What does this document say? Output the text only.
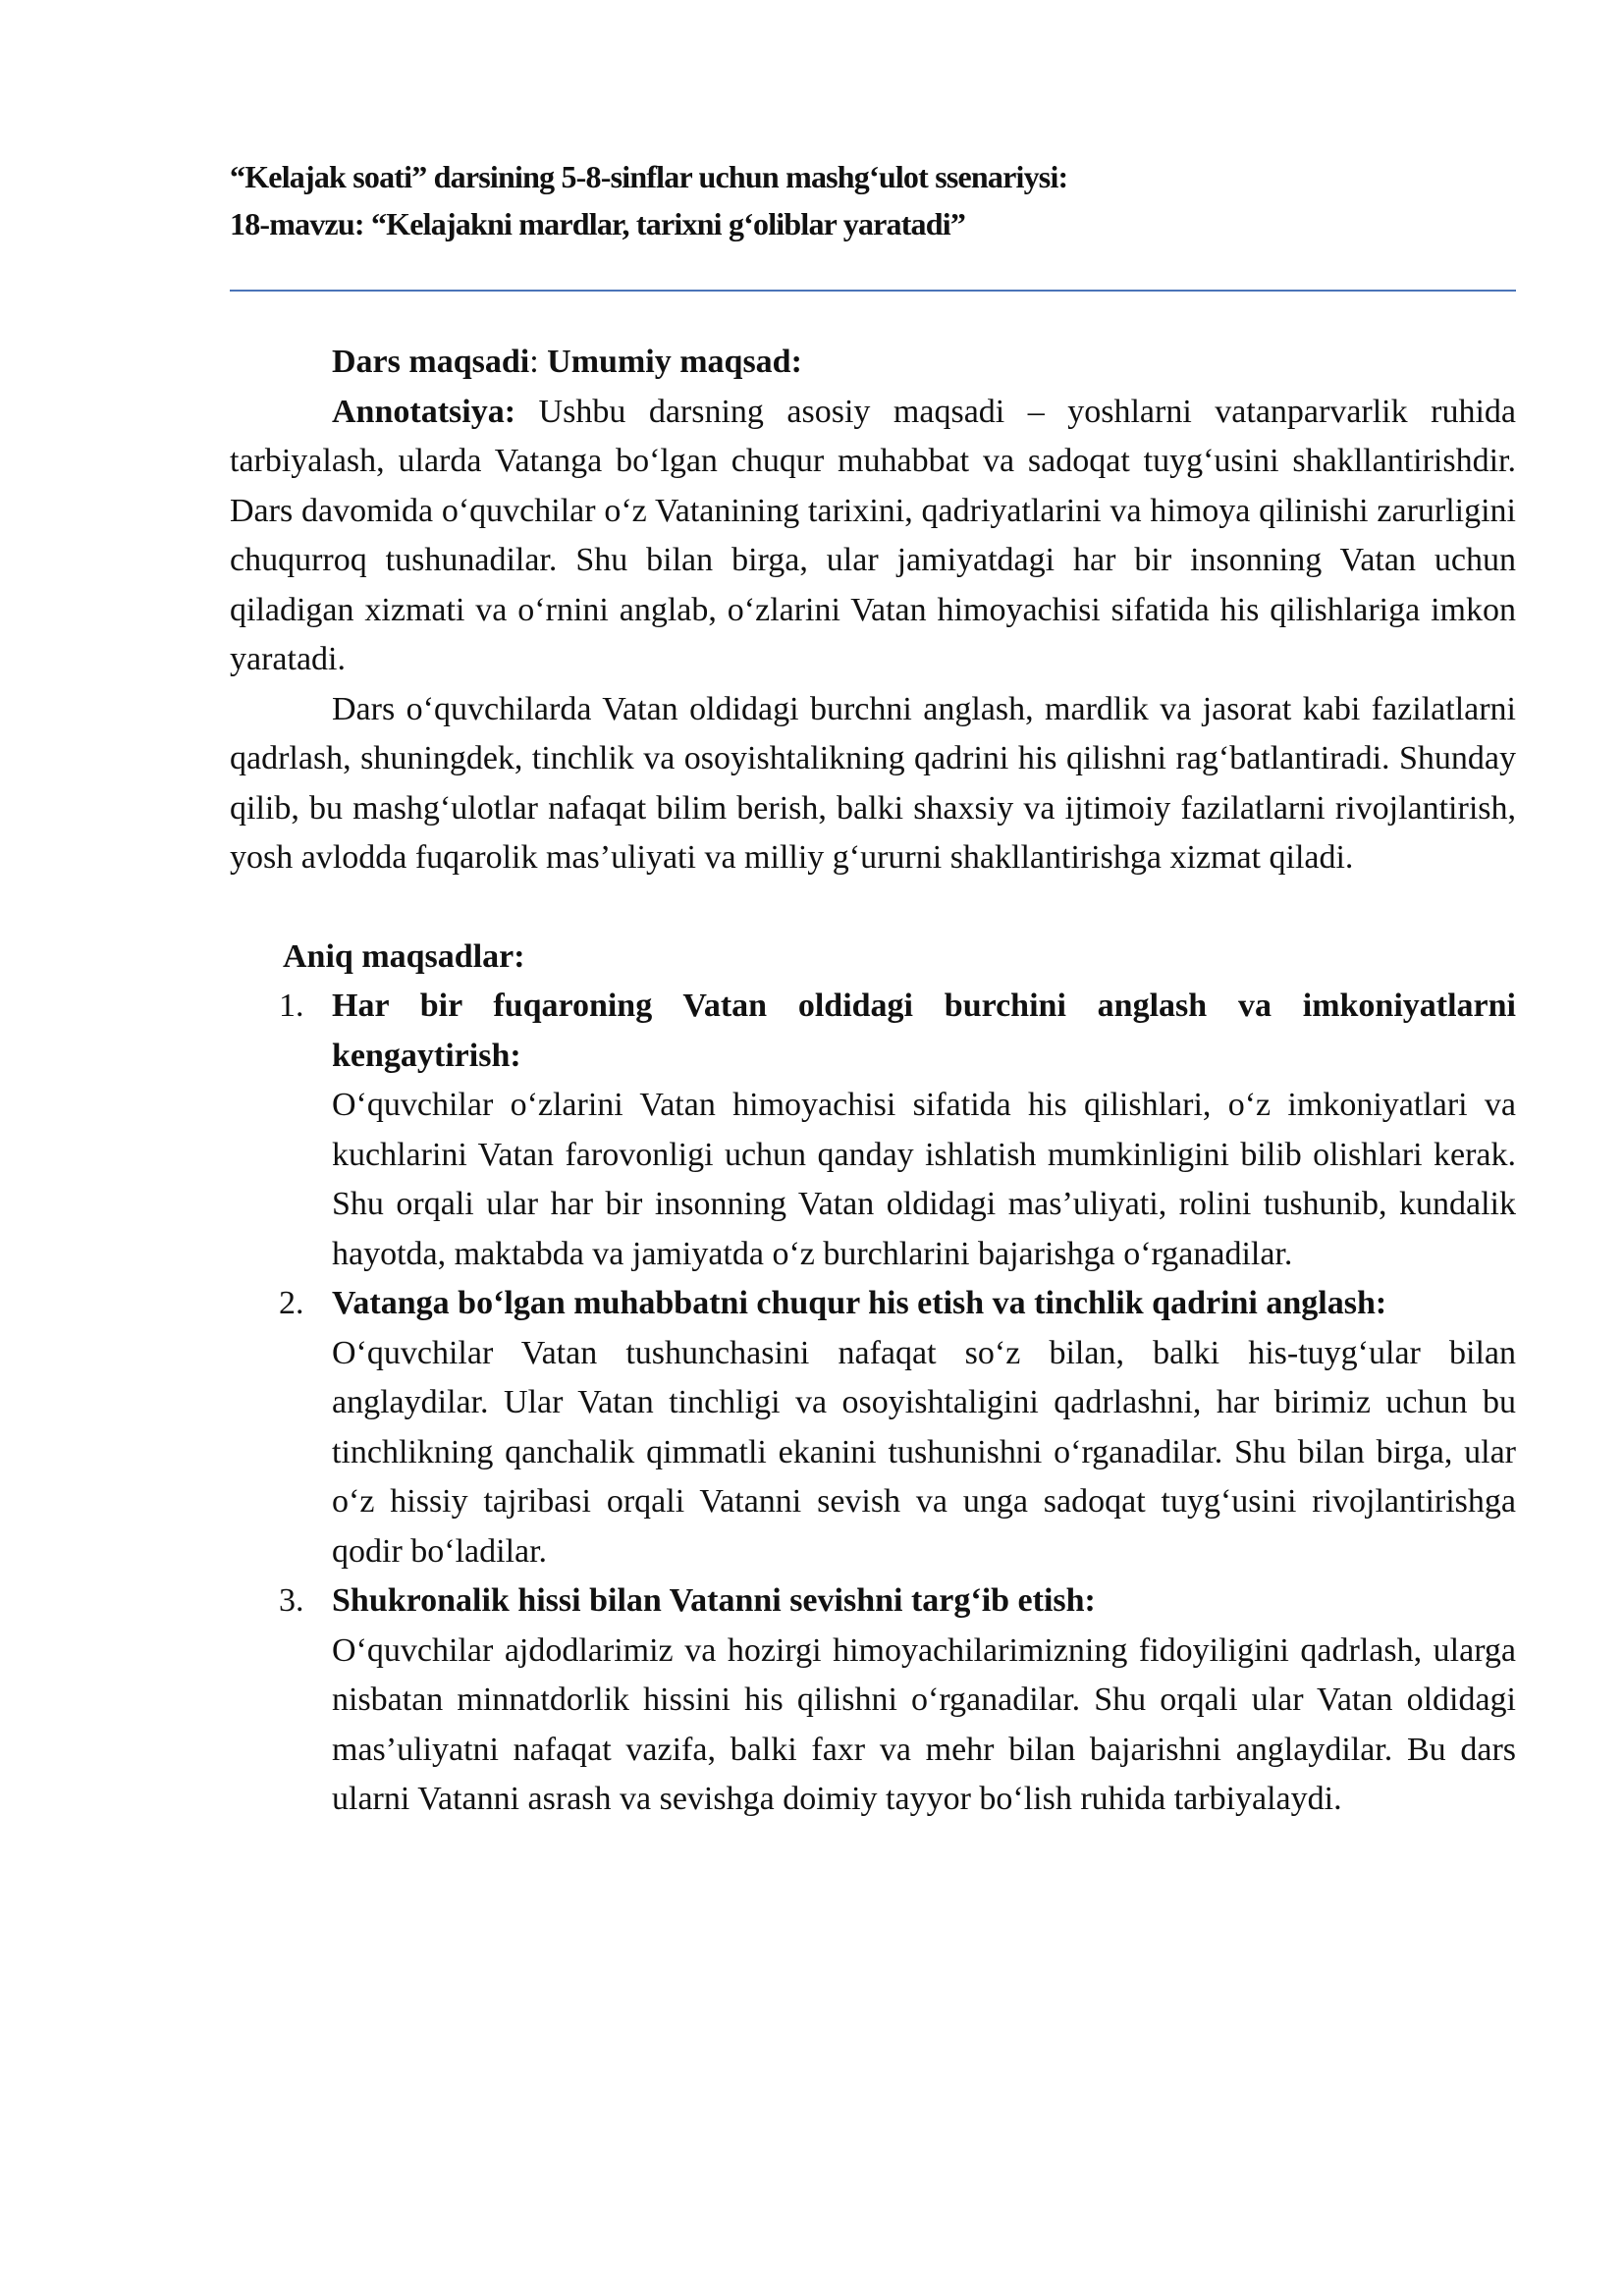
“Kelajak soati” darsining 5-8-sinflar uchun mashg‘ulot ssenariysi:
18-mavzu: “Kelajakni mardlar, tarixni g‘oliblar yaratadi”

Dars maqsadi: Umumiy maqsad:

Annotatsiya: Ushbu darsning asosiy maqsadi – yoshlarni vatanparvarlik ruhida tarbiyalash, ularda Vatanga bo‘lgan chuqur muhabbat va sadoqat tuyg‘usini shakllantirishdir. Dars davomida o‘quvchilar o‘z Vatanining tarixini, qadriyatlarini va himoya qilinishi zarurligini chuqurroq tushunadilar. Shu bilan birga, ular jamiyatdagi har bir insonning Vatan uchun qiladigan xizmati va o‘rnini anglab, o‘zlarini Vatan himoyachisi sifatida his qilishlariga imkon yaratadi.

Dars o‘quvchilarda Vatan oldidagi burchni anglash, mardlik va jasorat kabi fazilatlarni qadrlash, shuningdek, tinchlik va osoyishtalikning qadrini his qilishni rag‘batlantiradi. Shunday qilib, bu mashg‘ulotlar nafaqat bilim berish, balki shaxsiy va ijtimoiy fazilatlarni rivojlantirish, yosh avlodda fuqarolik mas’uliyati va milliy g‘ururni shakllantirishga xizmat qiladi.

Aniq maqsadlar:

1. Har bir fuqaroning Vatan oldidagi burchini anglash va imkoniyatlarni kengaytirish:

O‘quvchilar o‘zlarini Vatan himoyachisi sifatida his qilishlari, o‘z imkoniyatlari va kuchlarini Vatan farovonligi uchun qanday ishlatish mumkinligini bilib olishlari kerak. Shu orqali ular har bir insonning Vatan oldidagi mas’uliyati, rolini tushunib, kundalik hayotda, maktabda va jamiyatda o‘z burchlarini bajarishga o‘rganadilar.

2. Vatanga bo‘lgan muhabbatni chuqur his etish va tinchlik qadrini anglash:

O‘quvchilar Vatan tushunchasini nafaqat so‘z bilan, balki his-tuyg‘ular bilan anglaydilar. Ular Vatan tinchligi va osoyishtaligini qadrlashni, har birimiz uchun bu tinchlikning qanchalik qimmatli ekanini tushunishni o‘rganadilar. Shu bilan birga, ular o‘z hissiy tajribasi orqali Vatanni sevish va unga sadoqat tuyg‘usini rivojlantirishga qodir bo‘ladilar.

3. Shukronalik hissi bilan Vatanni sevishni targ‘ib etish:

O‘quvchilar ajdodlarimiz va hozirgi himoyachilarimizning fidoyiligini qadrlash, ularga nisbatan minnatdorlik hissini his qilishni o‘rganadilar. Shu orqali ular Vatan oldidagi mas’uliyatni nafaqat vazifa, balki faxr va mehr bilan bajarishni anglaydilar. Bu dars ularni Vatanni asrash va sevishga doimiy tayyor bo‘lish ruhida tarbiyalaydi.
